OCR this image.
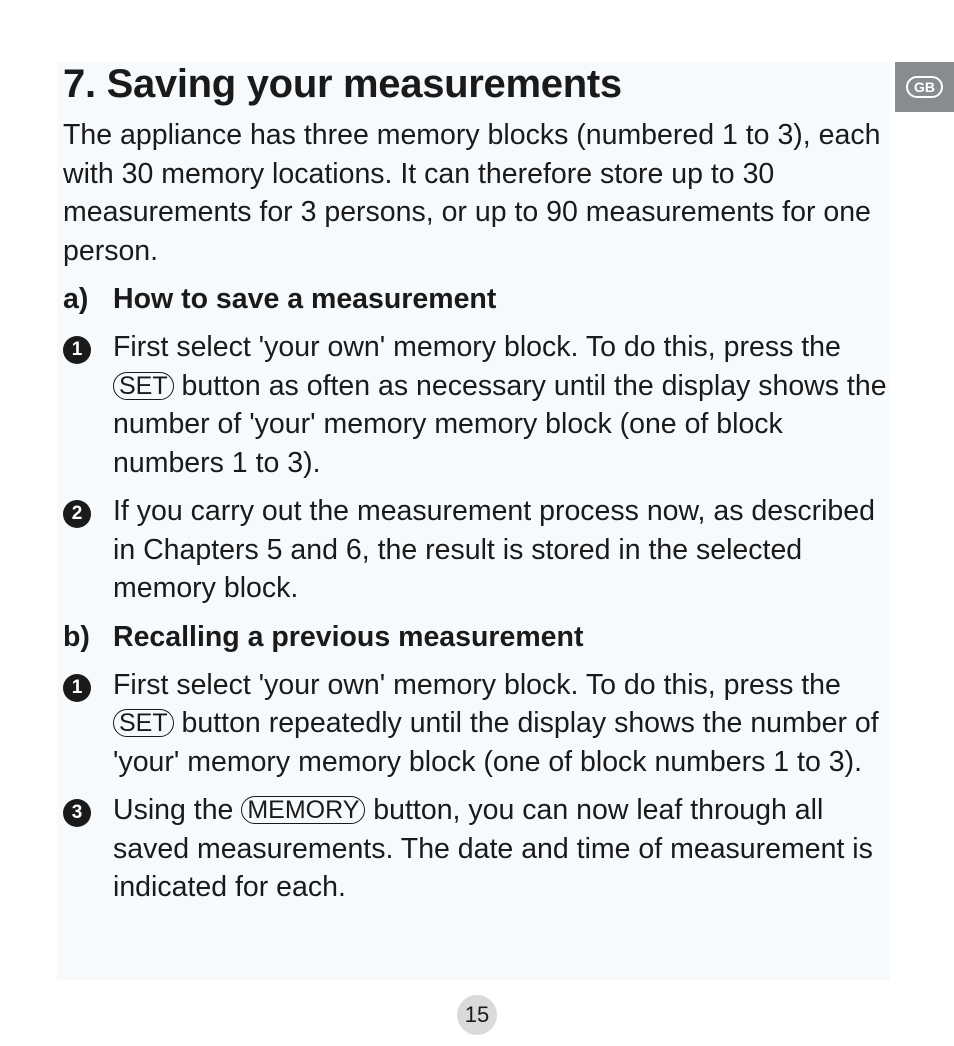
GB
7. Saving your measurements

The appliance has three memory blocks (numbered 1 to 3), each with 30 memory locations. It can therefore store up to 30 measurements for 3 persons, or up to 90 measurements for one person.

a) How to save a measurement
1	First select 'your own' memory block. To do this, press the SET button as often as necessary until the display shows the number of 'your' memory memory block (one of block numbers 1 to 3).
2	If you carry out the measurement process now, as described in Chapters 5 and 6, the result is stored in the selected memory block.
b) Recalling a previous measurement
1	First select 'your own' memory block. To do this, press the SET button repeatedly until the display shows the number of 'your' memory memory block (one of block numbers 1 to 3).
3	Using the MEMORY button, you can now leaf through all saved measurements. The date and time of measurement is indicated for each.
15
